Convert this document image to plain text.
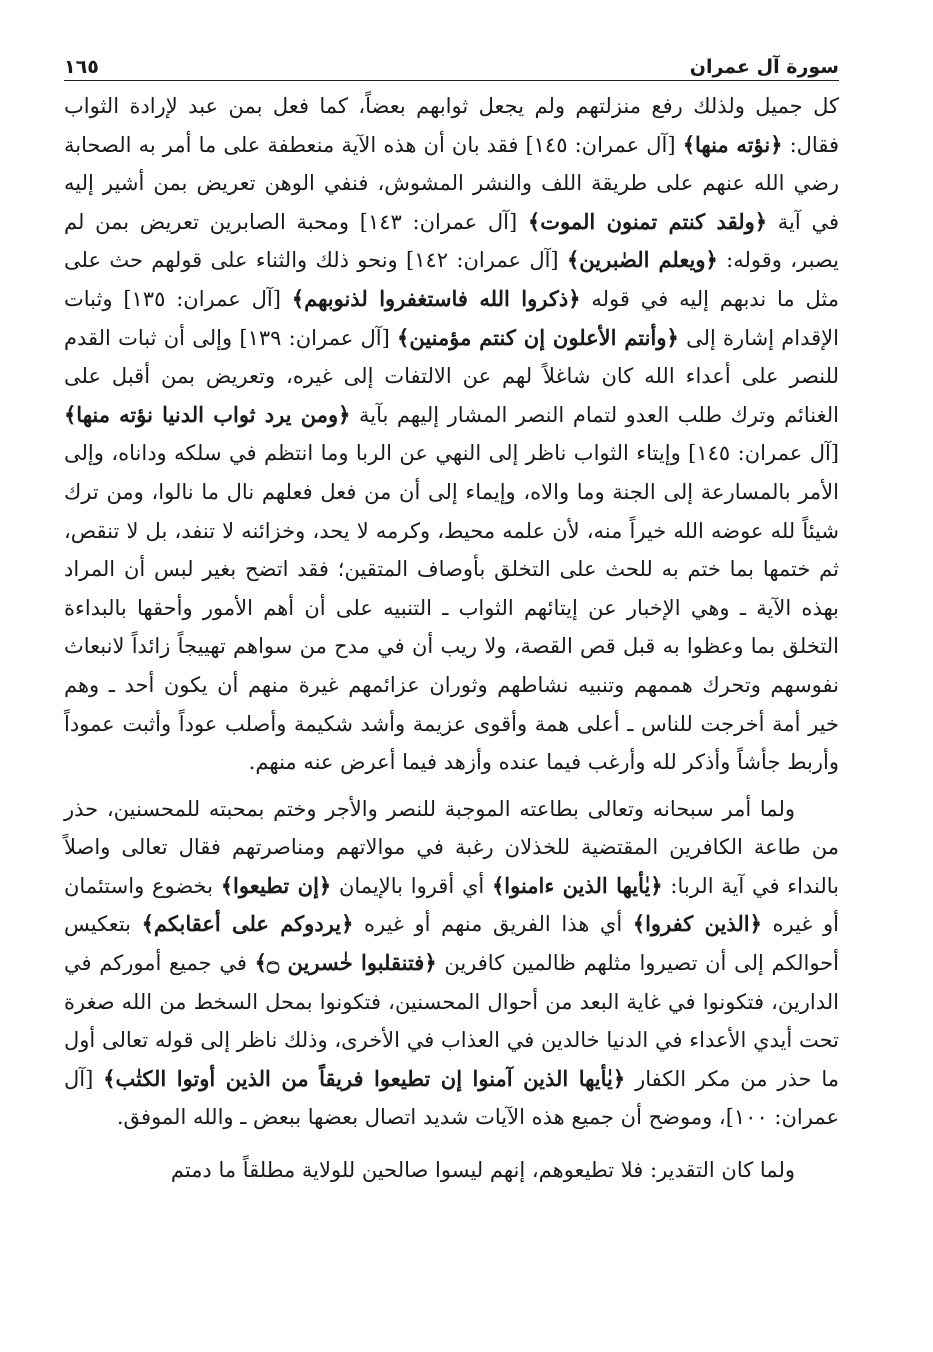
سورة آل عمران
١٦٥

كل جميل ولذلك رفع منزلتهم ولم يجعل ثوابهم بعضاً، كما فعل بمن عبد لإرادة الثواب فقال: ﴿نؤته منها﴾ [آل عمران: ١٤٥] فقد بان أن هذه الآية منعطفة على ما أمر به الصحابة رضي الله عنهم على طريقة اللف والنشر المشوش، فنفي الوهن تعريض بمن أشير إليه في آية ﴿ولقد كنتم تمنون الموت﴾ [آل عمران: ١٤٣] ومحبة الصابرين تعريض بمن لم يصبر، وقوله: ﴿ويعلم الصٰبرين﴾ [آل عمران: ١٤٢] ونحو ذلك والثناء على قولهم حث على مثل ما ندبهم إليه في قوله ﴿ذكروا الله فاستغفروا لذنوبهم﴾ [آل عمران: ١٣٥] وثبات الإقدام إشارة إلى ﴿وأنتم الأعلون إن كنتم مؤمنين﴾ [آل عمران: ١٣٩] وإلى أن ثبات القدم للنصر على أعداء الله كان شاغلاً لهم عن الالتفات إلى غيره، وتعريض بمن أقبل على الغنائم وترك طلب العدو لتمام النصر المشار إليهم بآية ﴿ومن يرد ثواب الدنيا نؤته منها﴾ [آل عمران: ١٤٥] وإيتاء الثواب ناظر إلى النهي عن الربا وما انتظم في سلكه وداناه، وإلى الأمر بالمسارعة إلى الجنة وما والاه، وإيماء إلى أن من فعل فعلهم نال ما نالوا، ومن ترك شيئاً لله عوضه الله خيراً منه، لأن علمه محيط، وكرمه لا يحد، وخزائنه لا تنفد، بل لا تنقص، ثم ختمها بما ختم به للحث على التخلق بأوصاف المتقين؛ فقد اتضح بغير لبس أن المراد بهذه الآية ـ وهي الإخبار عن إيتائهم الثواب ـ التنبيه على أن أهم الأمور وأحقها بالبداءة التخلق بما وعظوا به قبل قص القصة، ولا ريب أن في مدح من سواهم تهييجاً زائداً لانبعاث نفوسهم وتحرك هممهم وتنبيه نشاطهم وثوران عزائمهم غيرة منهم أن يكون أحد ـ وهم خير أمة أخرجت للناس ـ أعلى همة وأقوى عزيمة وأشد شكيمة وأصلب عوداً وأثبت عموداً وأربط جأشاً وأذكر لله وأرغب فيما عنده وأزهد فيما أعرض عنه منهم.

ولما أمر سبحانه وتعالى بطاعته الموجبة للنصر والأجر وختم بمحبته للمحسنين، حذر من طاعة الكافرين المقتضية للخذلان رغبة في موالاتهم ومناصرتهم فقال تعالى واصلاً بالنداء في آية الربا: ﴿يٰأيها الذين ءامنوا﴾ أي أقروا بالإيمان ﴿إن تطيعوا﴾ بخضوع واستئمان أو غيره ﴿الذين كفروا﴾ أي هذا الفريق منهم أو غيره ﴿يردوكم على أعقابكم﴾ بتعكيس أحوالكم إلى أن تصيروا مثلهم ظالمين كافرين ﴿فتنقلبوا خٰسرين ۝﴾ في جميع أموركم في الدارين، فتكونوا في غاية البعد من أحوال المحسنين، فتكونوا بمحل السخط من الله صغرة تحت أيدي الأعداء في الدنيا خالدين في العذاب في الأخرى، وذلك ناظر إلى قوله تعالى أول ما حذر من مكر الكفار ﴿يٰأيها الذين آمنوا إن تطيعوا فريقاً من الذين أوتوا الكتٰب﴾ [آل عمران: ١٠٠]، وموضح أن جميع هذه الآيات شديد اتصال بعضها ببعض ـ والله الموفق.

ولما كان التقدير: فلا تطيعوهم، إنهم ليسوا صالحين للولاية مطلقاً ما دمتم
